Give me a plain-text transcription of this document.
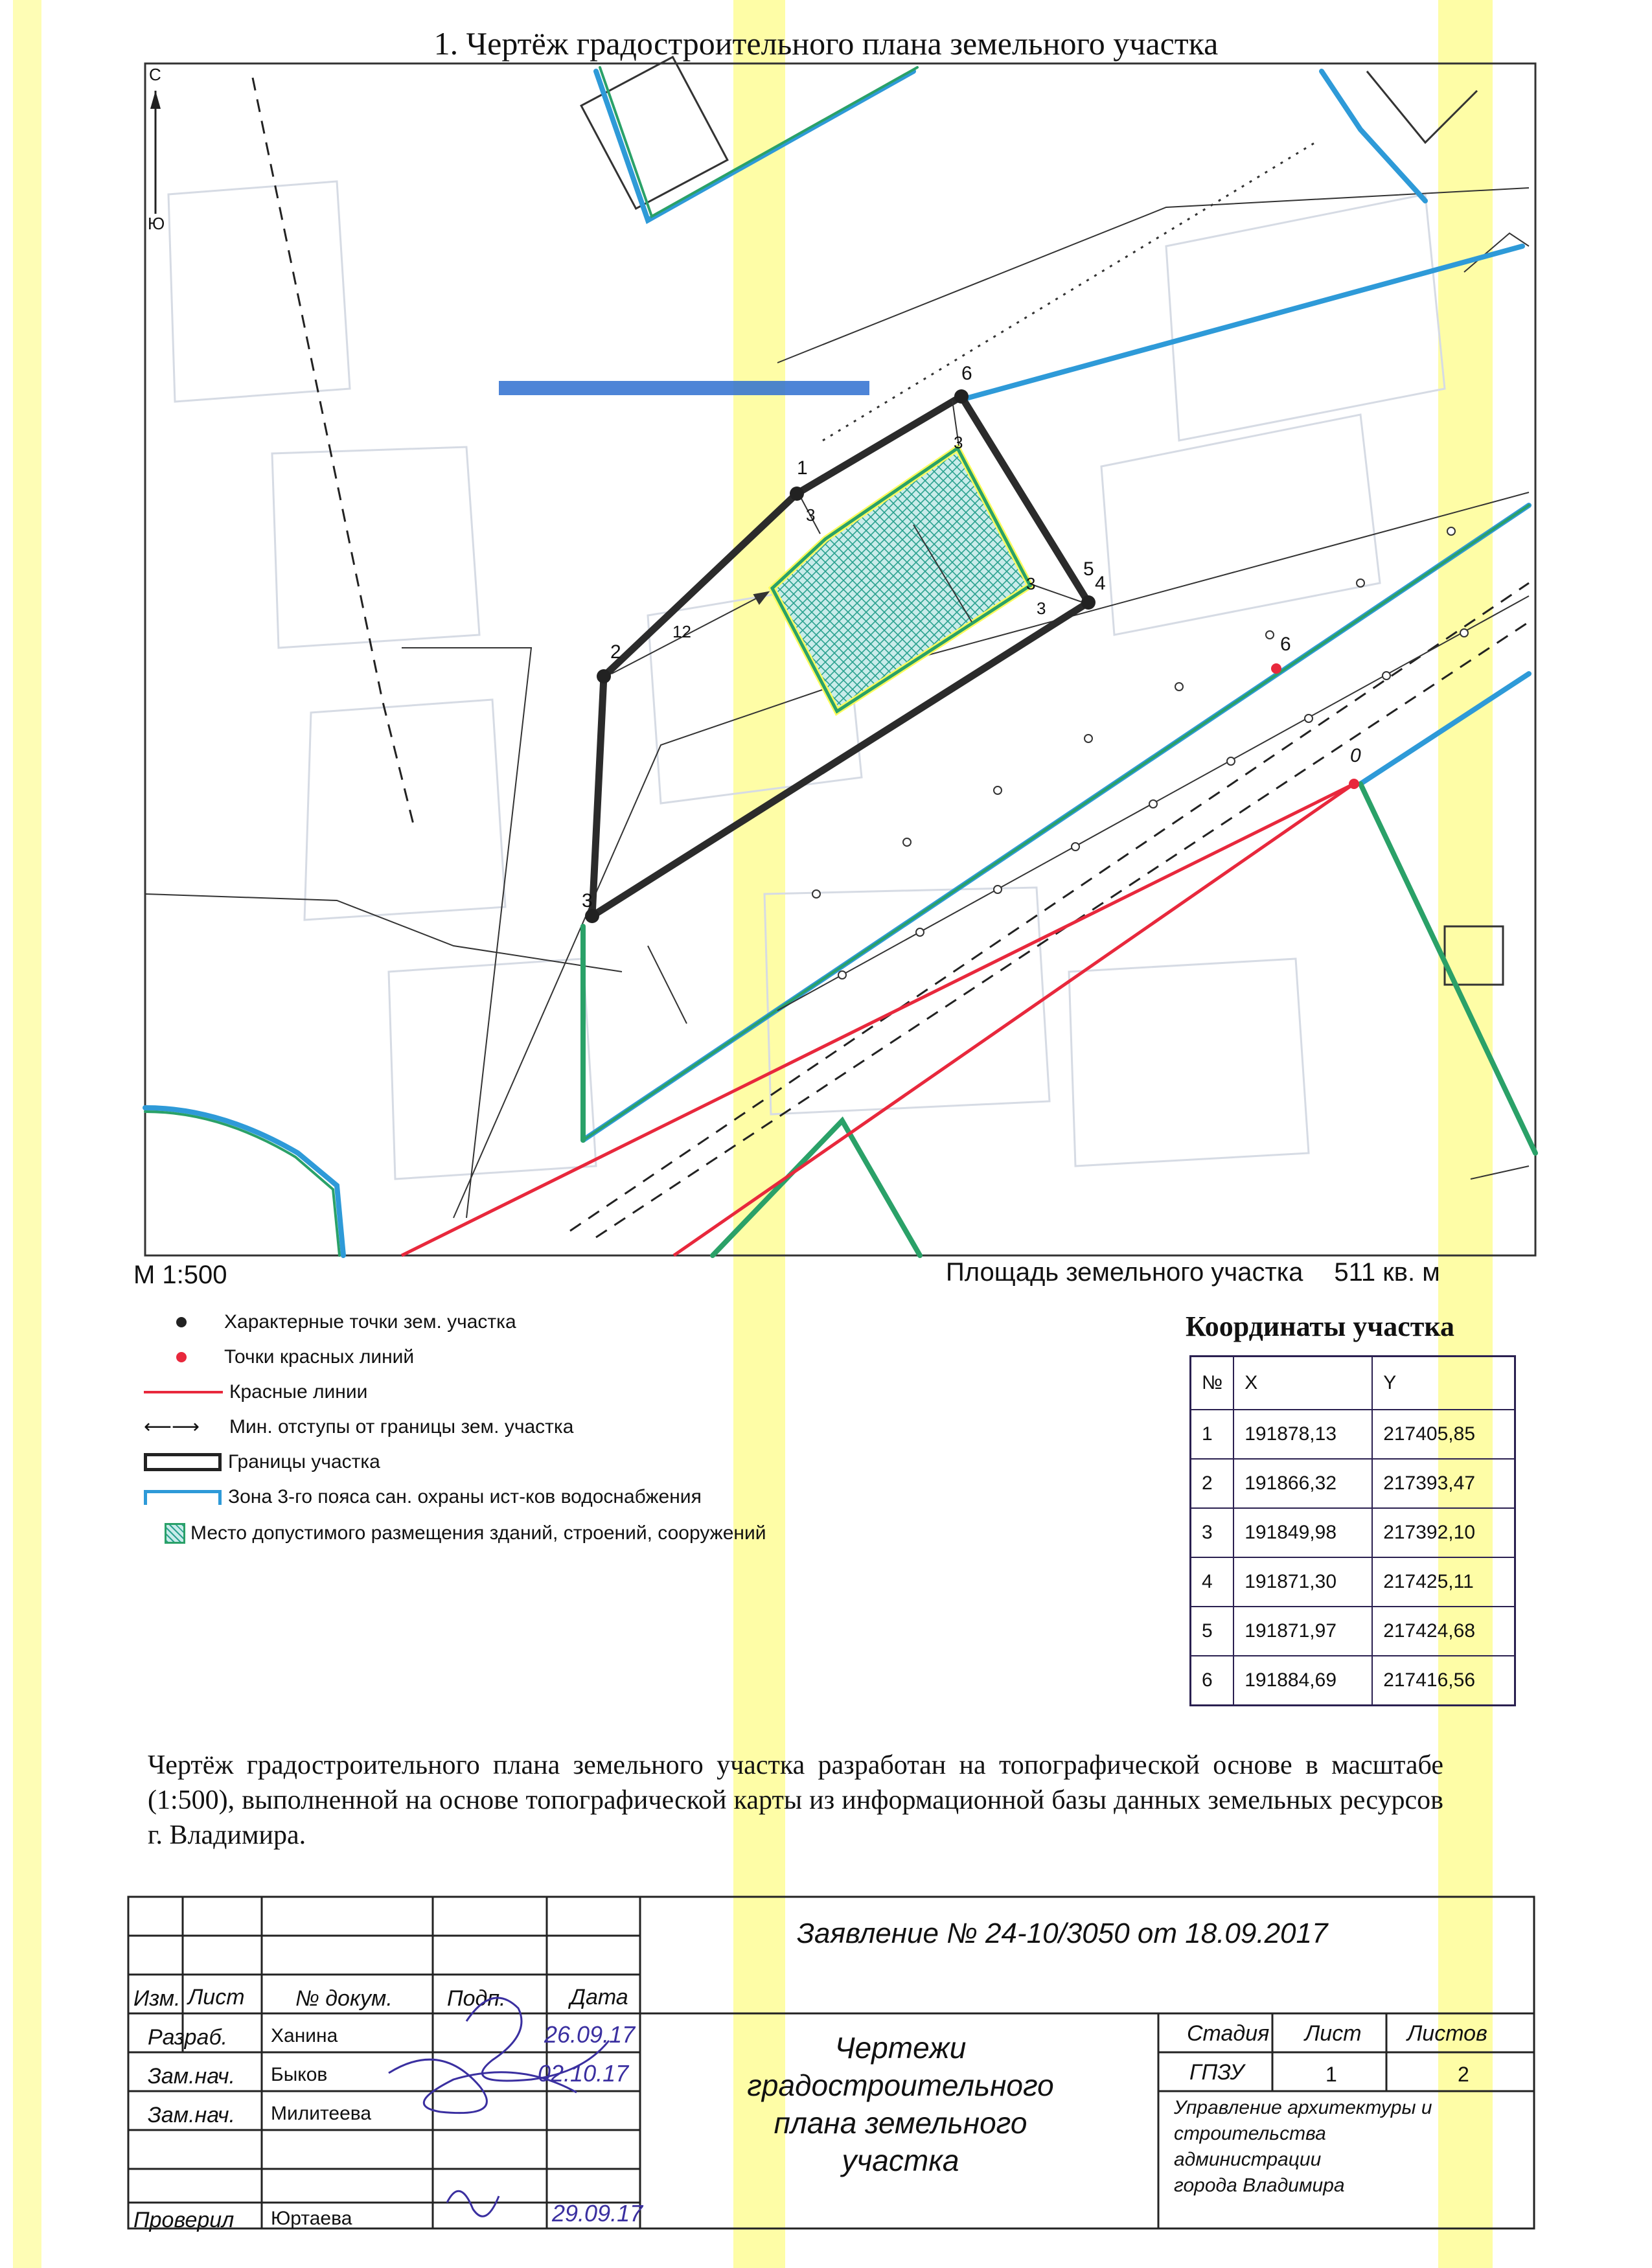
1. Чертёж градостроительного плана земельного участка
С
Ю
1
2
3
4
5
6
6
0
3
3
3
12
3
М 1:500	Площадь земельного участка 511 кв. м
Характерные точки зем. участка
Точки красных линий
Красные линии
⟵⟶	Мин. отступы от границы зем. участка
Границы участка
Зона 3-го пояса сан. охраны ист-ков водоснабжения
Место допустимого размещения зданий, строений, сооружений
Координаты участка
№	X	Y
1	191878,13	217405,85
2	191866,32	217393,47
3	191849,98	217392,10
4	191871,30	217425,11
5	191871,97	217424,68
6	191884,69	217416,56
Чертёж градостроительного плана земельного участка разработан на топографической основе в масштабе (1:500), выполненной на основе топографической карты из информационной базы данных земельных ресурсов г. Владимира.
Заявление № 24-10/3050 от 18.09.2017
Изм. Лист № докум. Подп.	Дата
Разраб. Ханина	26.09.17
Зам.нач. Быков	02.10.17
Зам.нач. Милитеева
Проверил Юртаева	29.09.17
Чертежи
градостроительного
плана земельного
участка
Стадия Лист Листов
ГПЗУ	1	2
Управление архитектуры и
строительства
администрации
города Владимира
